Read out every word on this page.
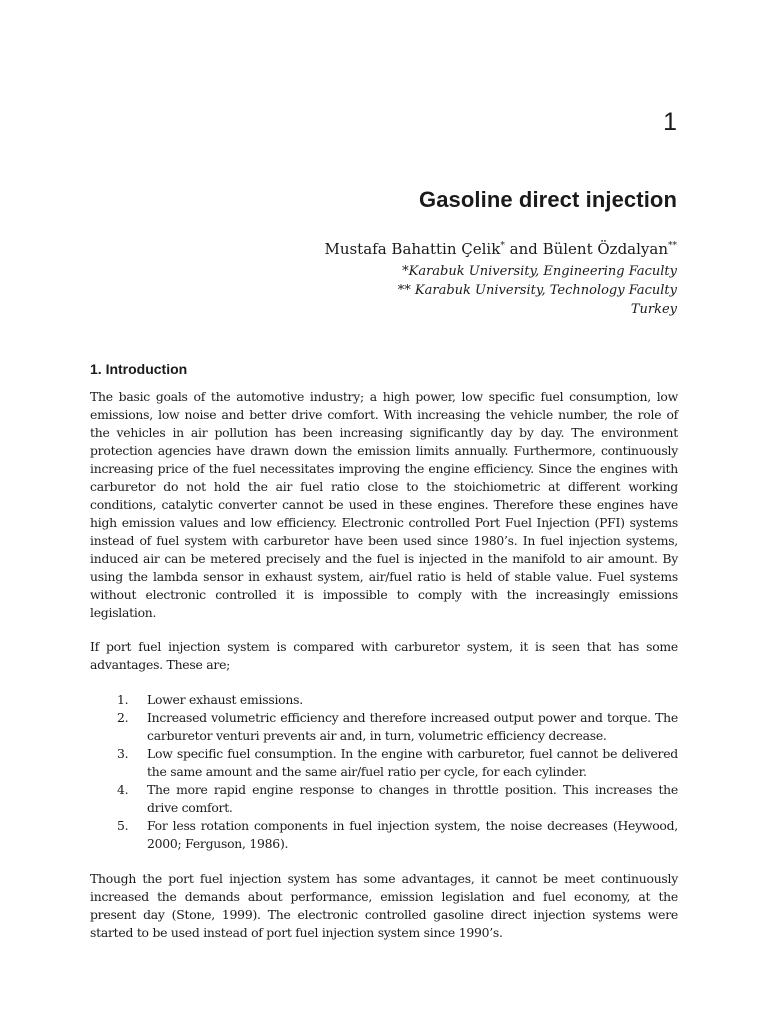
1
Gasoline direct injection
Mustafa Bahattin Çelik* and Bülent Özdalyan**
*Karabuk University, Engineering Faculty
** Karabuk University, Technology Faculty
Turkey
1. Introduction
The basic goals of the automotive industry; a high power, low specific fuel consumption, low emissions, low noise and better drive comfort. With increasing the vehicle number, the role of the vehicles in air pollution has been increasing significantly day by day. The environment protection agencies have drawn down the emission limits annually. Furthermore, continuously increasing price of the fuel necessitates improving the engine efficiency. Since the engines with carburetor do not hold the air fuel ratio close to the stoichiometric at different working conditions, catalytic converter cannot be used in these engines. Therefore these engines have high emission values and low efficiency. Electronic controlled Port Fuel Injection (PFI) systems instead of fuel system with carburetor have been used since 1980’s. In fuel injection systems, induced air can be metered precisely and the fuel is injected in the manifold to air amount. By using the lambda sensor in exhaust system, air/fuel ratio is held of stable value. Fuel systems without electronic controlled it is impossible to comply with the increasingly emissions legislation.
If port fuel injection system is compared with carburetor system, it is seen that has some advantages. These are;
1. Lower exhaust emissions.
2. Increased volumetric efficiency and therefore increased output power and torque. The carburetor venturi prevents air and, in turn, volumetric efficiency decrease.
3. Low specific fuel consumption. In the engine with carburetor, fuel cannot be delivered the same amount and the same air/fuel ratio per cycle, for each cylinder.
4. The more rapid engine response to changes in throttle position. This increases the drive comfort.
5. For less rotation components in fuel injection system, the noise decreases (Heywood, 2000; Ferguson, 1986).
Though the port fuel injection system has some advantages, it cannot be meet continuously increased the demands about performance, emission legislation and fuel economy, at the present day (Stone, 1999). The electronic controlled gasoline direct injection systems were started to be used instead of port fuel injection system since 1990’s.
